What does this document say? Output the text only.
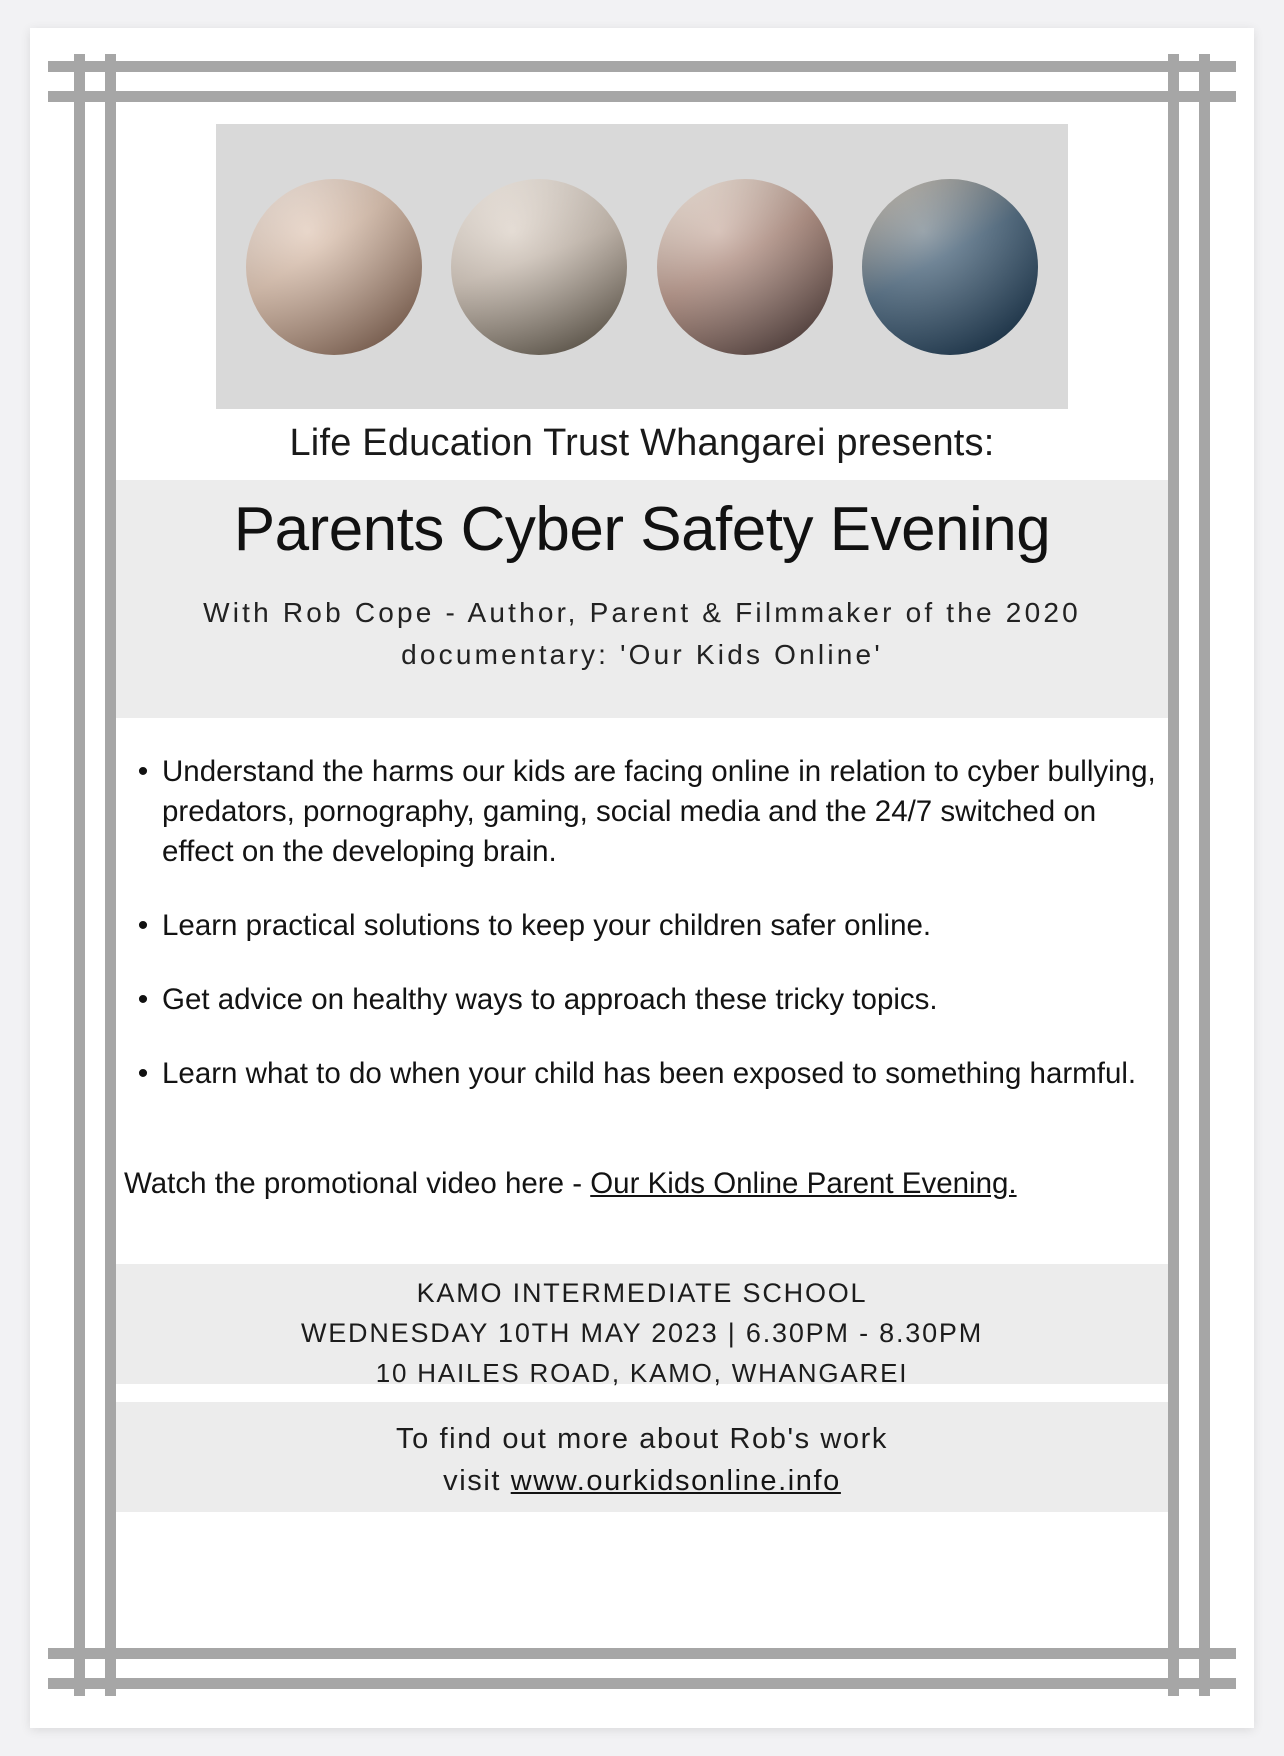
Life Education Trust Whangarei presents:
Parents Cyber Safety Evening
With Rob Cope - Author, Parent & Filmmaker of the 2020 documentary: 'Our Kids Online'
• Understand the harms our kids are facing online in relation to cyber bullying, predators, pornography, gaming, social media and the 24/7 switched on effect on the developing brain.
• Learn practical solutions to keep your children safer online.
• Get advice on healthy ways to approach these tricky topics.
• Learn what to do when your child has been exposed to something harmful.
Watch the promotional video here - Our Kids Online Parent Evening.
KAMO INTERMEDIATE SCHOOL
WEDNESDAY 10TH MAY 2023 | 6.30PM - 8.30PM
10 HAILES ROAD, KAMO, WHANGAREI
To find out more about Rob's work
visit www.ourkidsonline.info
